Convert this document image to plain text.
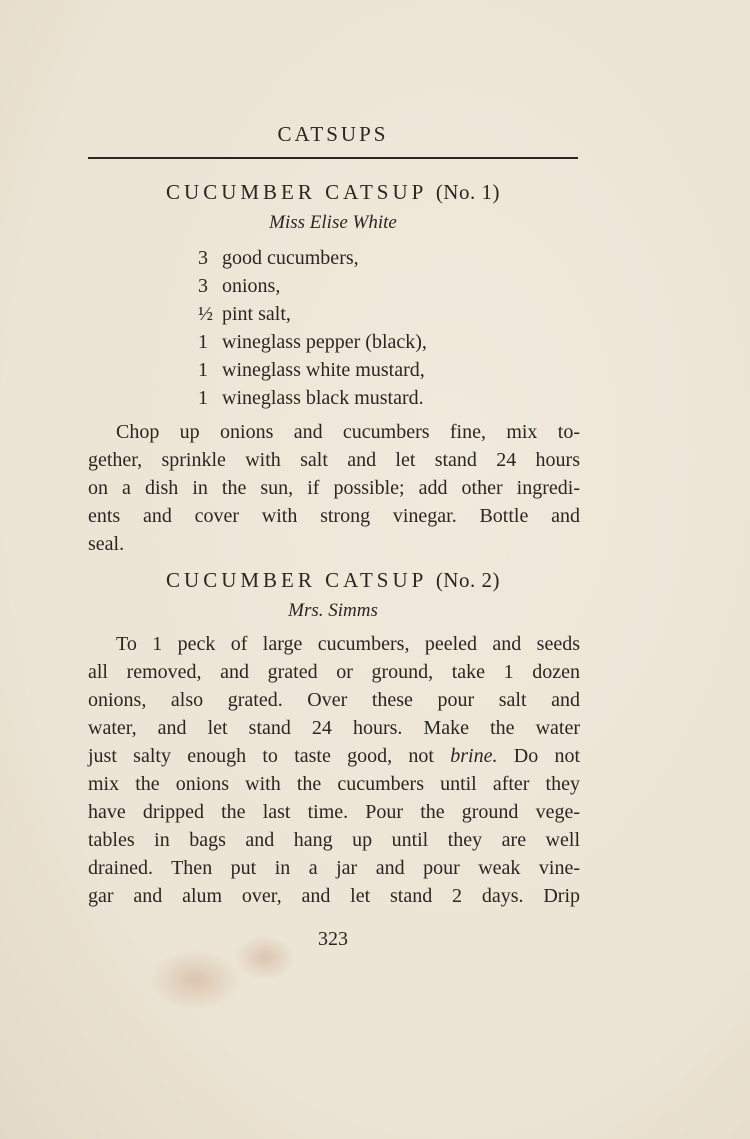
CATSUPS
CUCUMBER CATSUP (No. 1)
Miss Elise White
3 good cucumbers,
3 onions,
½ pint salt,
1 wineglass pepper (black),
1 wineglass white mustard,
1 wineglass black mustard.
Chop up onions and cucumbers fine, mix to-
gether, sprinkle with salt and let stand 24 hours
on a dish in the sun, if possible; add other ingredi-
ents and cover with strong vinegar. Bottle and
seal.
CUCUMBER CATSUP (No. 2)
Mrs. Simms
To 1 peck of large cucumbers, peeled and seeds
all removed, and grated or ground, take 1 dozen
onions, also grated. Over these pour salt and
water, and let stand 24 hours. Make the water
just salty enough to taste good, not brine. Do not
mix the onions with the cucumbers until after they
have dripped the last time. Pour the ground vege-
tables in bags and hang up until they are well
drained. Then put in a jar and pour weak vine-
gar and alum over, and let stand 2 days. Drip
323
